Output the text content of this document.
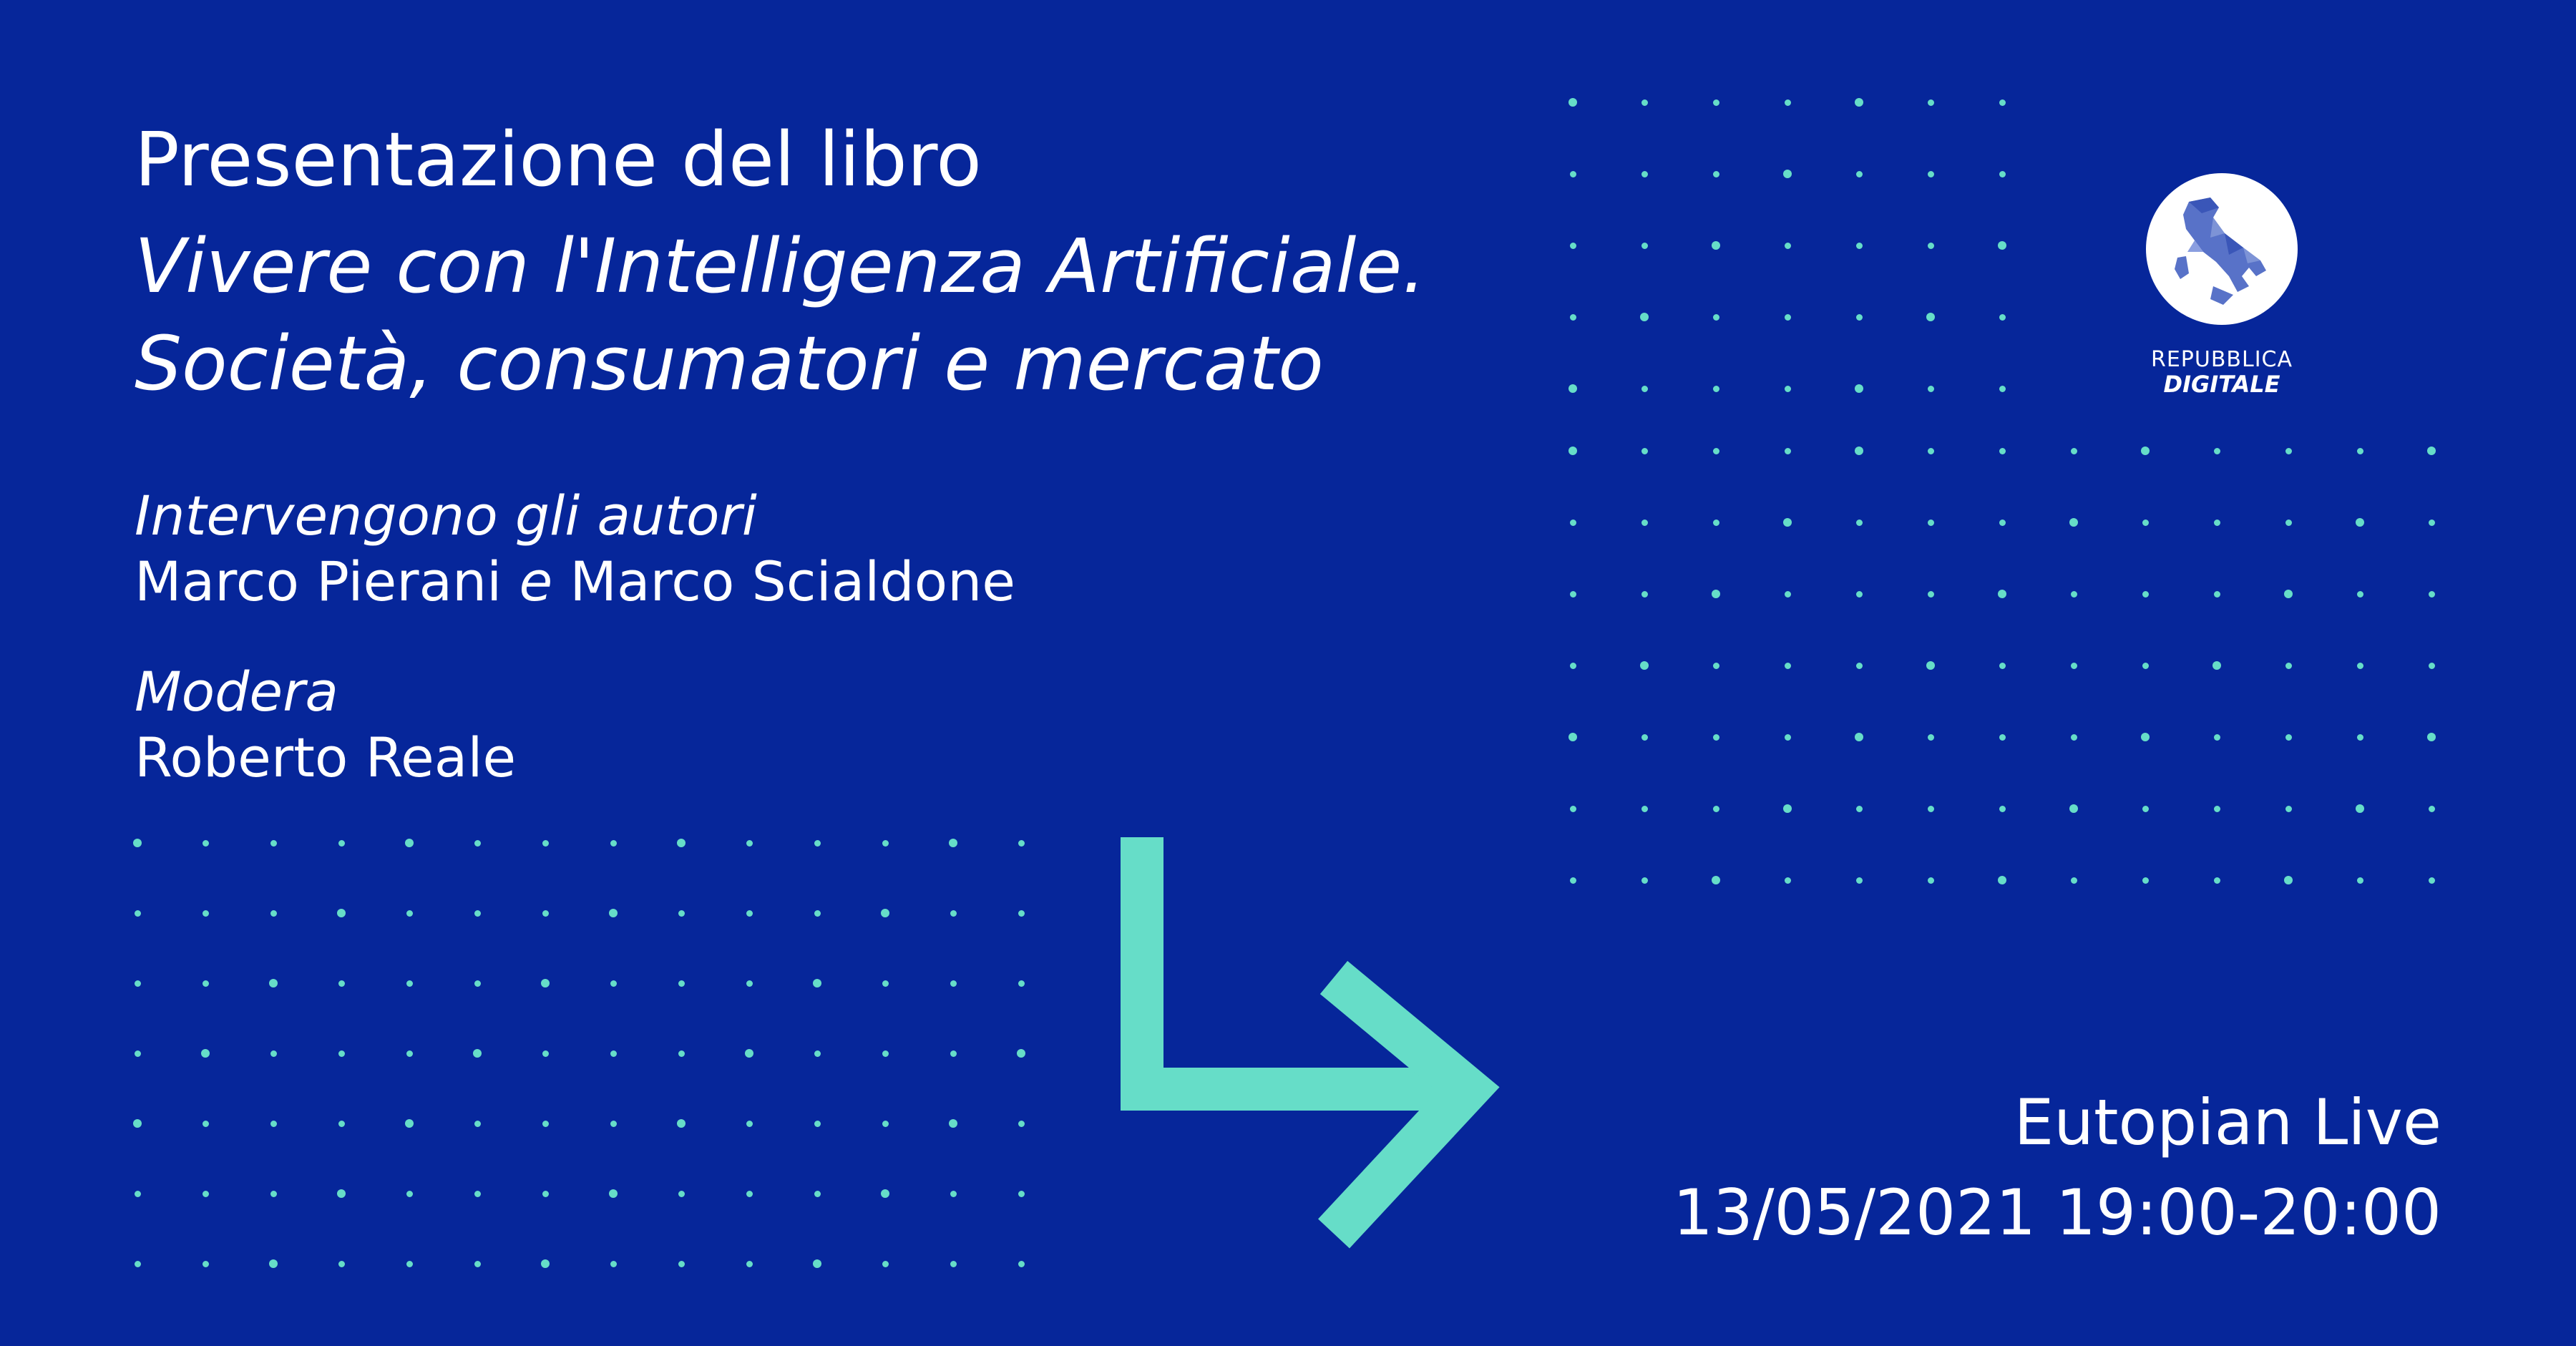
Presentazione del libro
Vivere con l'Intelligenza Artificiale.
Società, consumatori e mercato
Intervengono gli autori
Marco Pierani e Marco Scialdone
Modera
Roberto Reale
REPUBBLICA
DIGITALE
Eutopian Live
13/05/2021 19:00-20:00
